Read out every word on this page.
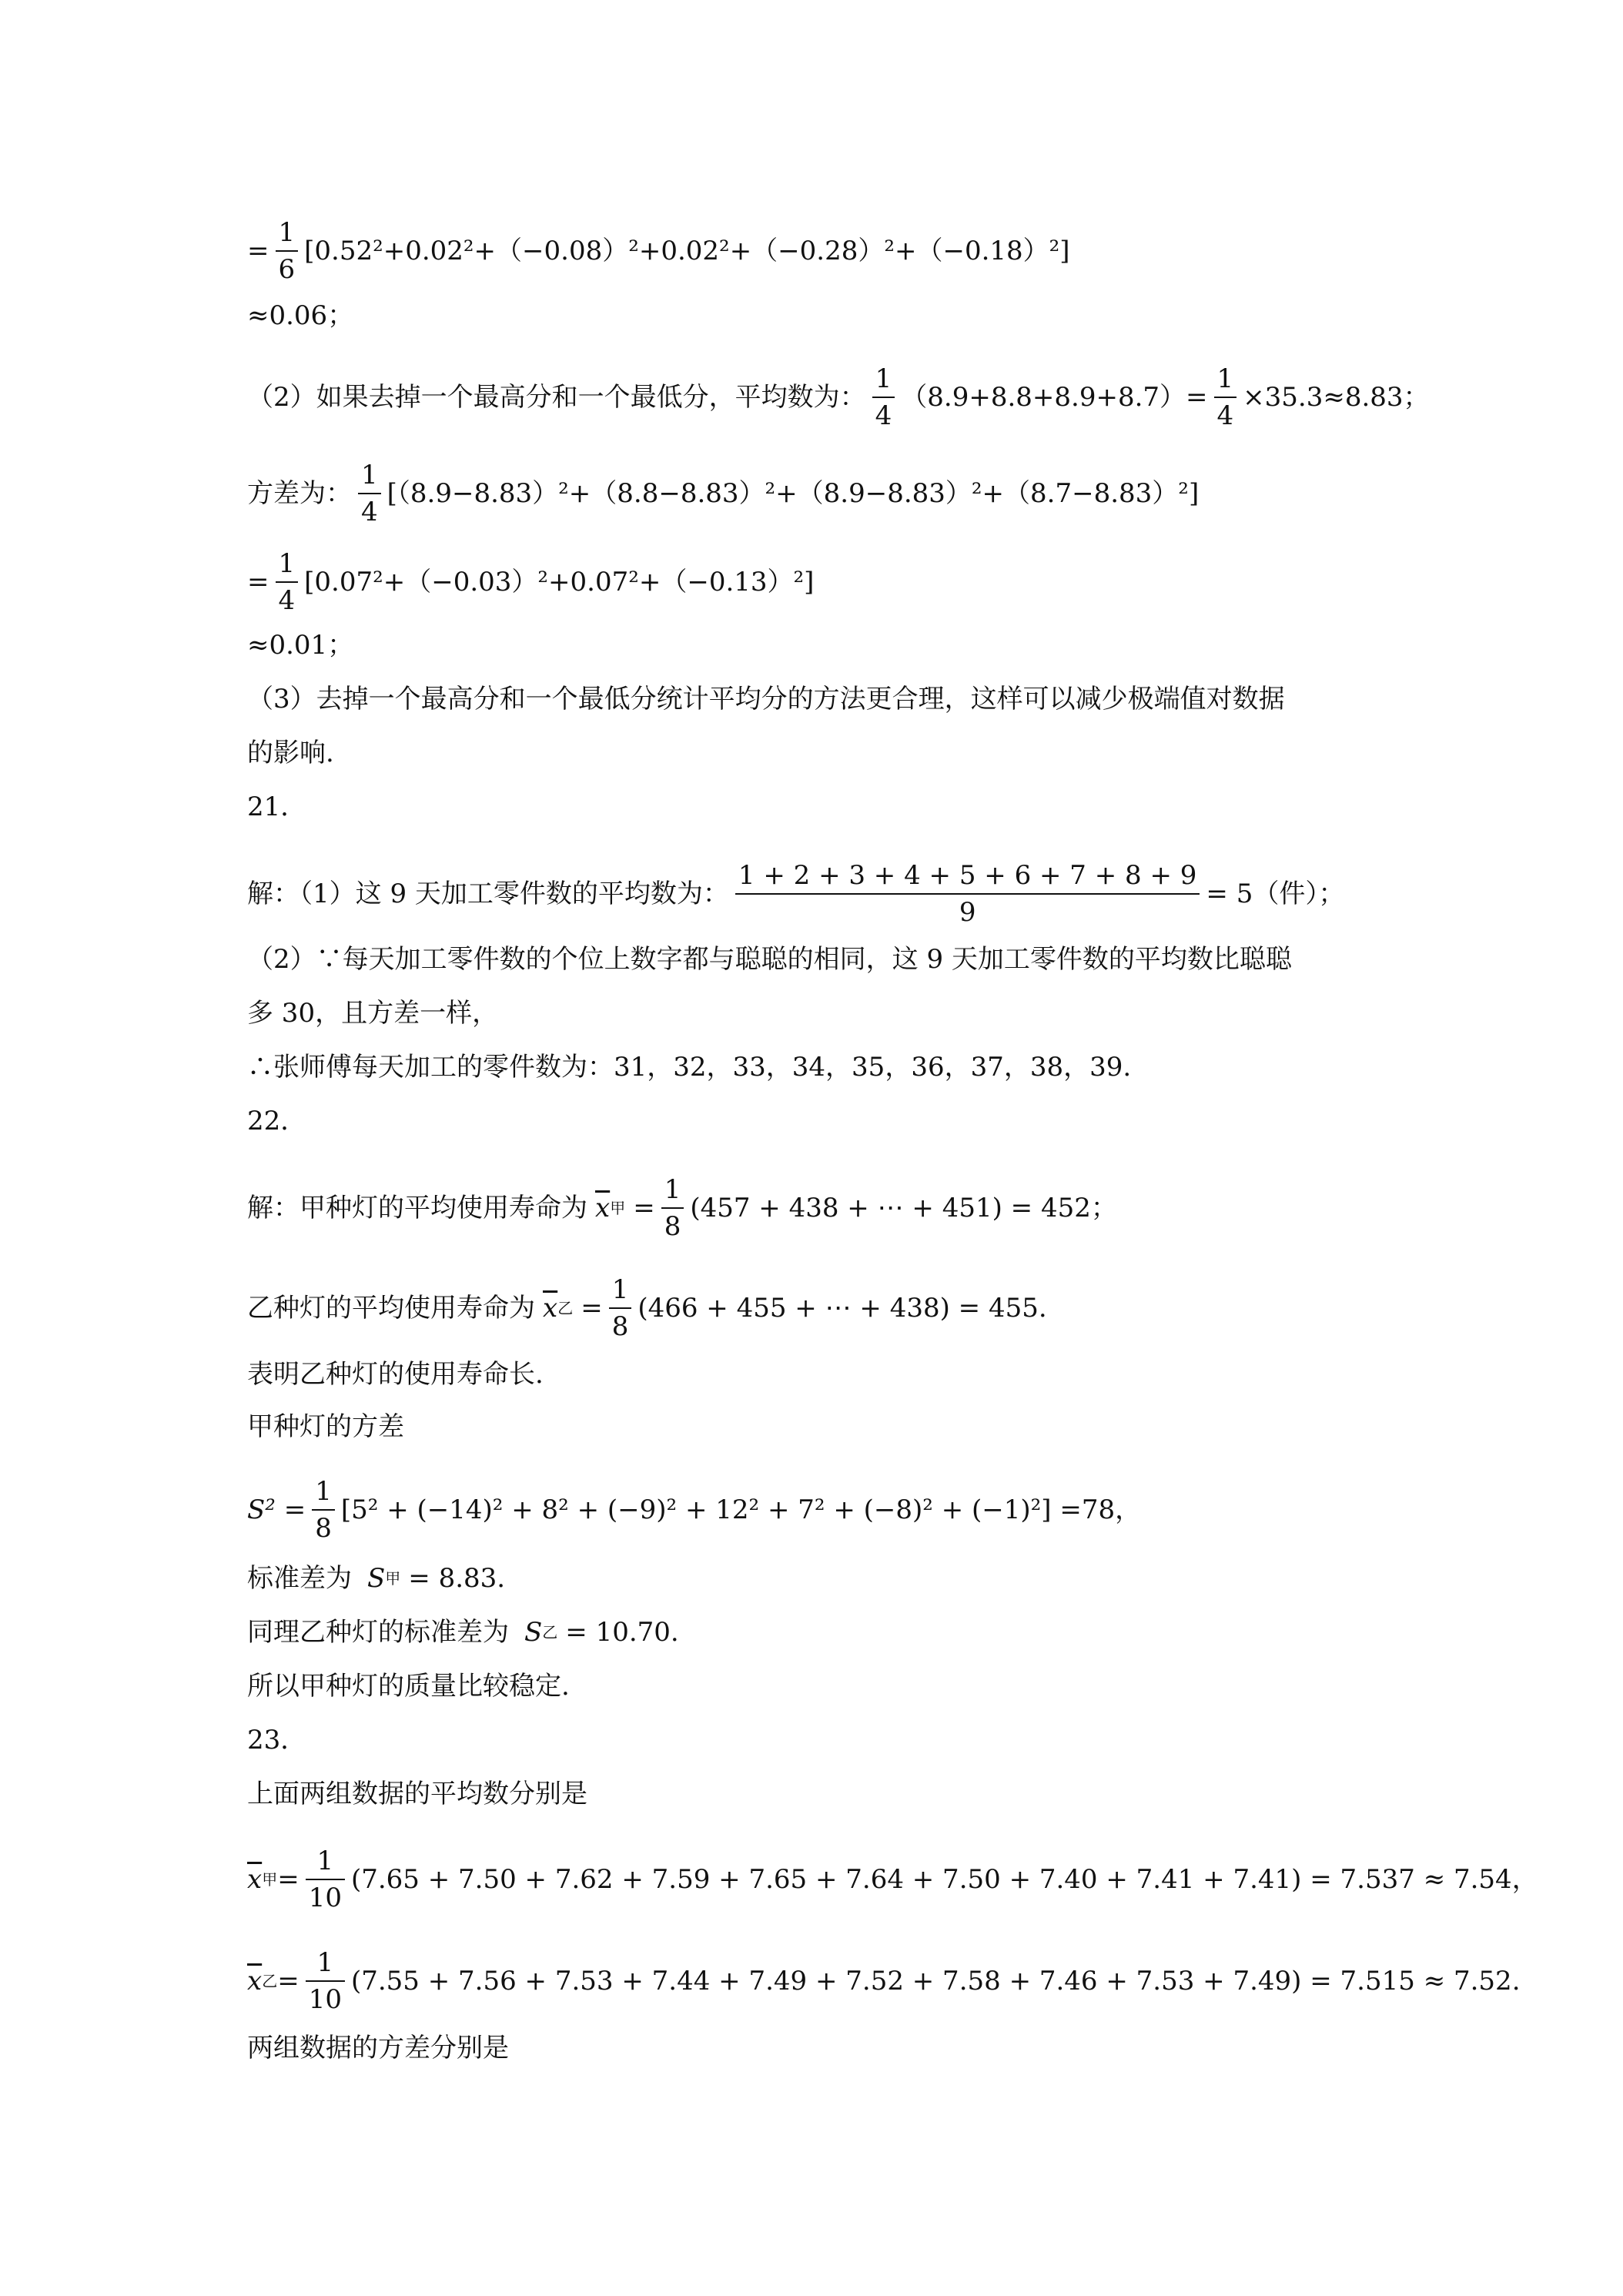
= $\frac{1}{6} [0.52^2+0.02^2+(-0.08)^2+0.02^2+(-0.28)^2+(-0.18)^2]$
≈0.06；
（2）如果去掉一个最高分和一个最低分，平均数为： $\frac{1}{4} (8.9+8.8+8.9+8.7)= \frac{1}{4} \times 35.3\approx 8.83$；
方差为： $\frac{1}{4} [(8.9-8.83)^2+(8.8-8.83)^2+(8.9-8.83)^2+(8.7-8.83)^2]$
= $\frac{1}{4} [0.07^2+(-0.03)^2+0.07^2+(-0.13)^2]$
≈0.01；
（3）去掉一个最高分和一个最低分统计平均分的方法更合理，这样可以减少极端值对数据
的影响.
21．
解：（1）这 9 天加工零件数的平均数为： $\frac{1 + 2 + 3 + 4 + 5 + 6 + 7 + 8 + 9}{9} = 5$（件）；
（2）∵每天加工零件数的个位上数字都与聪聪的相同，这 9 天加工零件数的平均数比聪聪
多 30，且方差一样，
∴张师傅每天加工的零件数为：31，32，33，34，35，36，37，38，39.
22．
解：甲种灯的平均使用寿命为 $\overline{x}$ 甲 = $\frac{1}{8} (457 + 438$ + ⋯ + 451) = 452；
乙种灯的平均使用寿命为 $\overline{x}$ 乙 = $\frac{1}{8} (466 + 455$ + ⋯ + 438) = 455.
表明乙种灯的使用寿命长.
甲种灯的方差
$S^2 = \frac{1}{8} [5^2 + (-14)^2 + 8^2 + (-9)^2 + 12^2 + 7^2 + (-8)^2 + (-1)^2] =78$，
标准差为 S 甲 = 8.83.
同理乙种灯的标准差为 S 乙 = 10.70.
所以甲种灯的质量比较稳定.
23．
上面两组数据的平均数分别是
$\overline{x}$ 甲 = $\frac{1}{10} (7.65 + 7.50 + 7.62 + 7.59 + 7.65 + 7.64 + 7.50 + 7.40 + 7.41 + 7.41) = 7.537 \approx 7.54$，
$\overline{x}$ 乙 = $\frac{1}{10} (7.55 + 7.56 + 7.53 + 7.44 + 7.49 + 7.52 + 7.58 + 7.46 + 7.53 + 7.49) = 7.515 \approx 7.52$.
两组数据的方差分别是
